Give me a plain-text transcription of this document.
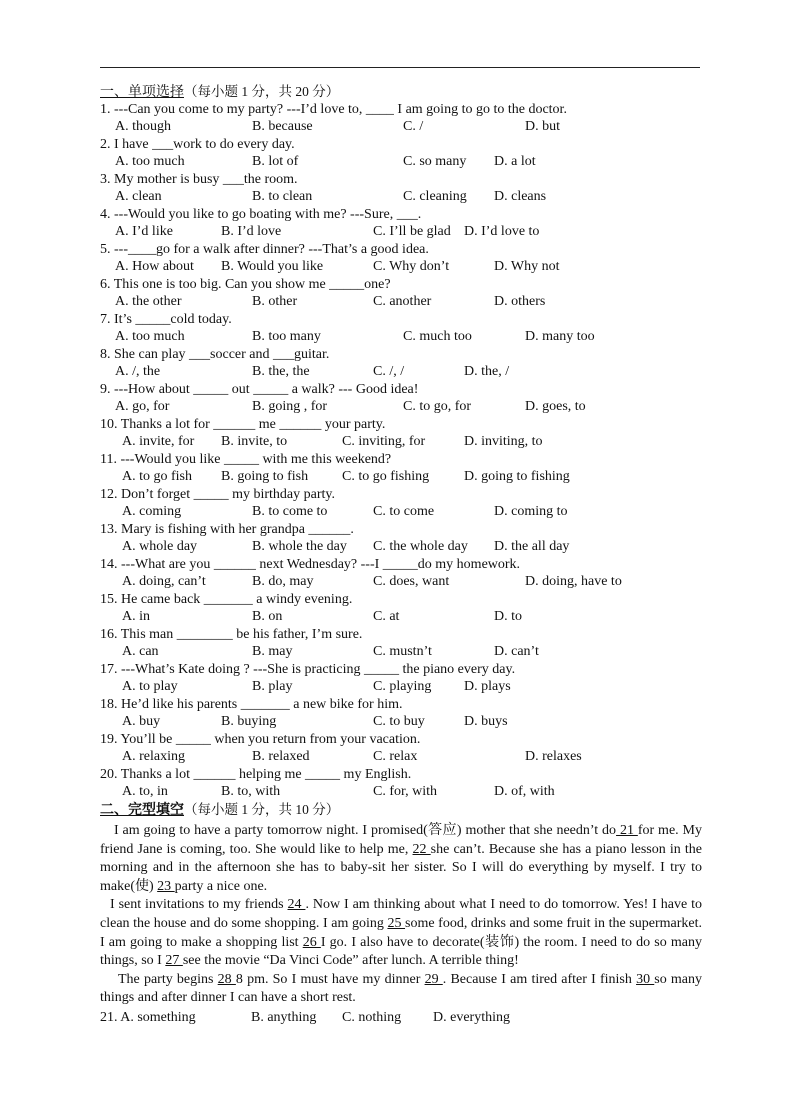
一、单项选择（每小题 1 分，共 20 分）
1. ---Can you come to my party? ---I’d love to, ____ I am going to go to the doctor.
A. though	B. because	C. /	D. but
2. I have ___work to do every day.
A. too much	B. lot of	C. so many D. a lot
3. My mother is busy ___the room.
A. clean	B. to clean	C. cleaning D. cleans
4. ---Would you like to go boating with me? ---Sure, ___.
A. I’d like	B. I’d love	C. I’ll be glad D. I’d love to
5. ---____go for a walk after dinner? ---That’s a good idea.
A. How about B. Would you like	C. Why don’t	D. Why not
6. This one is too big. Can you show me _____one?
A. the other	B. other	C. another	D. others
7. It’s _____cold today.
A. too much	B. too many	C. much too	D. many too
8. She can play ___soccer and ___guitar.
A. /, the	B. the, the	C. /, /	D. the, /
9. ---How about _____ out _____ a walk? --- Good idea!
A. go, for	B. going , for	C. to go, for	D. goes, to
10. Thanks a lot for ______ me ______ your party.
A. invite, for B. invite, to	C. inviting, for	D. inviting, to
11. ---Would you like _____ with me this weekend?
A. to go fish B. going to fish C. to go fishing D. going to fishing
12. Don’t forget _____ my birthday party.
A. coming	B. to come to	C. to come	D. coming to
13. Mary is fishing with her grandpa ______.
A. whole day	B. whole the day C. the whole day D. the all day
14. ---What are you ______ next Wednesday? ---I _____do my homework.
A. doing, can’t	B. do, may	C. does, want	D. doing, have to
15. He came back _______ a windy evening.
A. in	B. on	C. at	D. to
16. This man ________ be his father, I’m sure.
A. can	B. may	C. mustn’t	D. can’t
17. ---What’s Kate doing ? ---She is practicing _____ the piano every day.
A. to play	B. play	C. playing D. plays
18. He’d like his parents _______ a new bike for him.
A. buy	B. buying	C. to buy	D. buys
19. You’ll be _____ when you return from your vacation.
A. relaxing	B. relaxed	C. relax	D. relaxes
20. Thanks a lot ______ helping me _____ my English.
A. to, in	B. to, with	C. for, with	D. of, with
二、完型填空（每小题 1 分，共 10 分）

I am going to have a party tomorrow night. I promised(答应) mother that she needn’t do 21 for me. My friend Jane is coming, too. She would like to help me, 22 she can’t. Because she has a piano lesson in the morning and in the afternoon she has to baby-sit her sister. So I will do everything by myself. I try to make(使) 23 party a nice one.

I sent invitations to my friends 24 . Now I am thinking about what I need to do tomorrow. Yes! I have to clean the house and do some shopping. I am going 25 some food, drinks and some fruit in the supermarket. I am going to make a shopping list 26 I go. I also have to decorate(装饰) the room. I need to do so many things, so I 27 see the movie “Da Vinci Code” after lunch. A terrible thing!

The party begins 28 8 pm. So I must have my dinner 29 . Because I am tired after I finish 30 so many things and after dinner I can have a short rest.

21. A. something	B. anything C. nothing D. everything
